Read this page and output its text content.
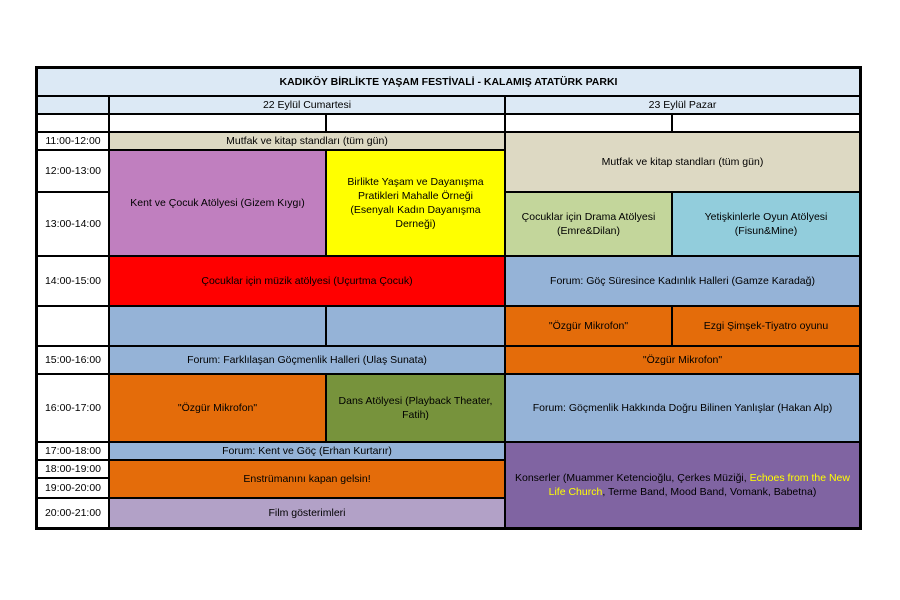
KADIKÖY BİRLİKTE YAŞAM FESTİVALİ - KALAMIŞ ATATÜRK PARKI
22 Eylül Cumartesi	23 Eylül Pazar
11:00-12:00
12:00-13:00
13:00-14:00
14:00-15:00
15:00-16:00
16:00-17:00
17:00-18:00
18:00-19:00
19:00-20:00
20:00-21:00
Mutfak ve kitap standları (tüm gün)
Kent ve Çocuk Atölyesi (Gizem Kıygı)
Birlikte Yaşam ve Dayanışma Pratikleri Mahalle Örneği (Esenyalı Kadın Dayanışma Derneği)
Çocuklar için müzik atölyesi (Uçurtma Çocuk)
Forum: Farklılaşan Göçmenlik Halleri (Ulaş Sunata)
"Özgür Mikrofon"
Dans Atölyesi (Playback Theater, Fatih)
Forum: Kent ve Göç (Erhan Kurtarır)
Enstrümanını kapan gelsin!
Film gösterimleri
Mutfak ve kitap standları (tüm gün)
Çocuklar için Drama Atölyesi (Emre&Dilan)
Yetişkinlerle Oyun Atölyesi (Fisun&Mine)
Forum: Göç Süresince Kadınlık Halleri (Gamze Karadağ)
"Özgür Mikrofon"	Ezgi Şimşek-Tiyatro oyunu
"Özgür Mikrofon"
Forum: Göçmenlik Hakkında Doğru Bilinen Yanlışlar (Hakan Alp)
Konserler (Muammer Ketencioğlu, Çerkes Müziği, Echoes from the New Life Church, Terme Band, Mood Band, Vomank, Babetna)
